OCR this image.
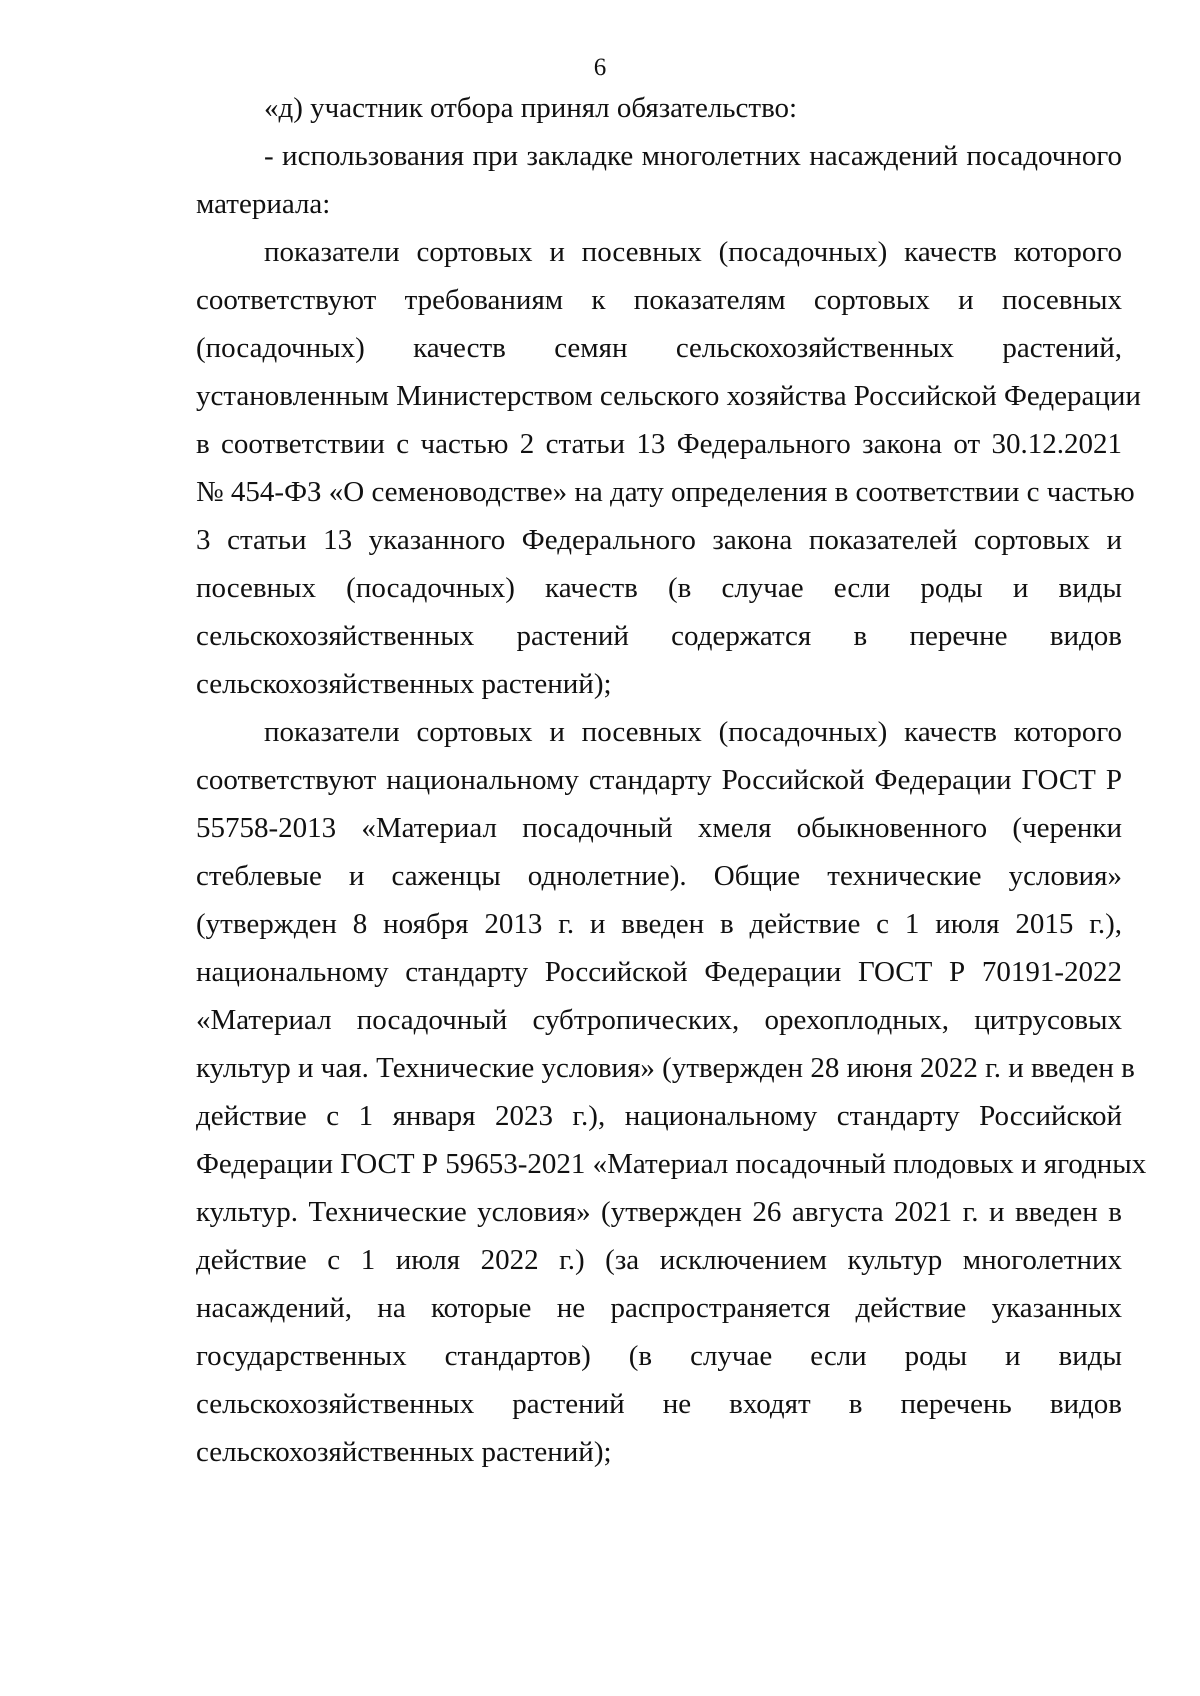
6
«д) участник отбора принял обязательство:
- использования при закладке многолетних насаждений посадочного
материала:
показатели сортовых и посевных (посадочных) качеств которого
соответствуют требованиям к показателям сортовых и посевных
(посадочных) качеств семян сельскохозяйственных растений,
установленным Министерством сельского хозяйства Российской Федерации
в соответствии с частью 2 статьи 13 Федерального закона от 30.12.2021
№ 454-ФЗ «О семеноводстве» на дату определения в соответствии с частью
3 статьи 13 указанного Федерального закона показателей сортовых и
посевных (посадочных) качеств (в случае если роды и виды
сельскохозяйственных растений содержатся в перечне видов
сельскохозяйственных растений);
показатели сортовых и посевных (посадочных) качеств которого
соответствуют национальному стандарту Российской Федерации ГОСТ Р
55758-2013 «Материал посадочный хмеля обыкновенного (черенки
стеблевые и саженцы однолетние). Общие технические условия»
(утвержден 8 ноября 2013 г. и введен в действие с 1 июля 2015 г.),
национальному стандарту Российской Федерации ГОСТ Р 70191-2022
«Материал посадочный субтропических, орехоплодных, цитрусовых
культур и чая. Технические условия» (утвержден 28 июня 2022 г. и введен в
действие с 1 января 2023 г.), национальному стандарту Российской
Федерации ГОСТ Р 59653-2021 «Материал посадочный плодовых и ягодных
культур. Технические условия» (утвержден 26 августа 2021 г. и введен в
действие с 1 июля 2022 г.) (за исключением культур многолетних
насаждений, на которые не распространяется действие указанных
государственных стандартов) (в случае если роды и виды
сельскохозяйственных растений не входят в перечень видов
сельскохозяйственных растений);
